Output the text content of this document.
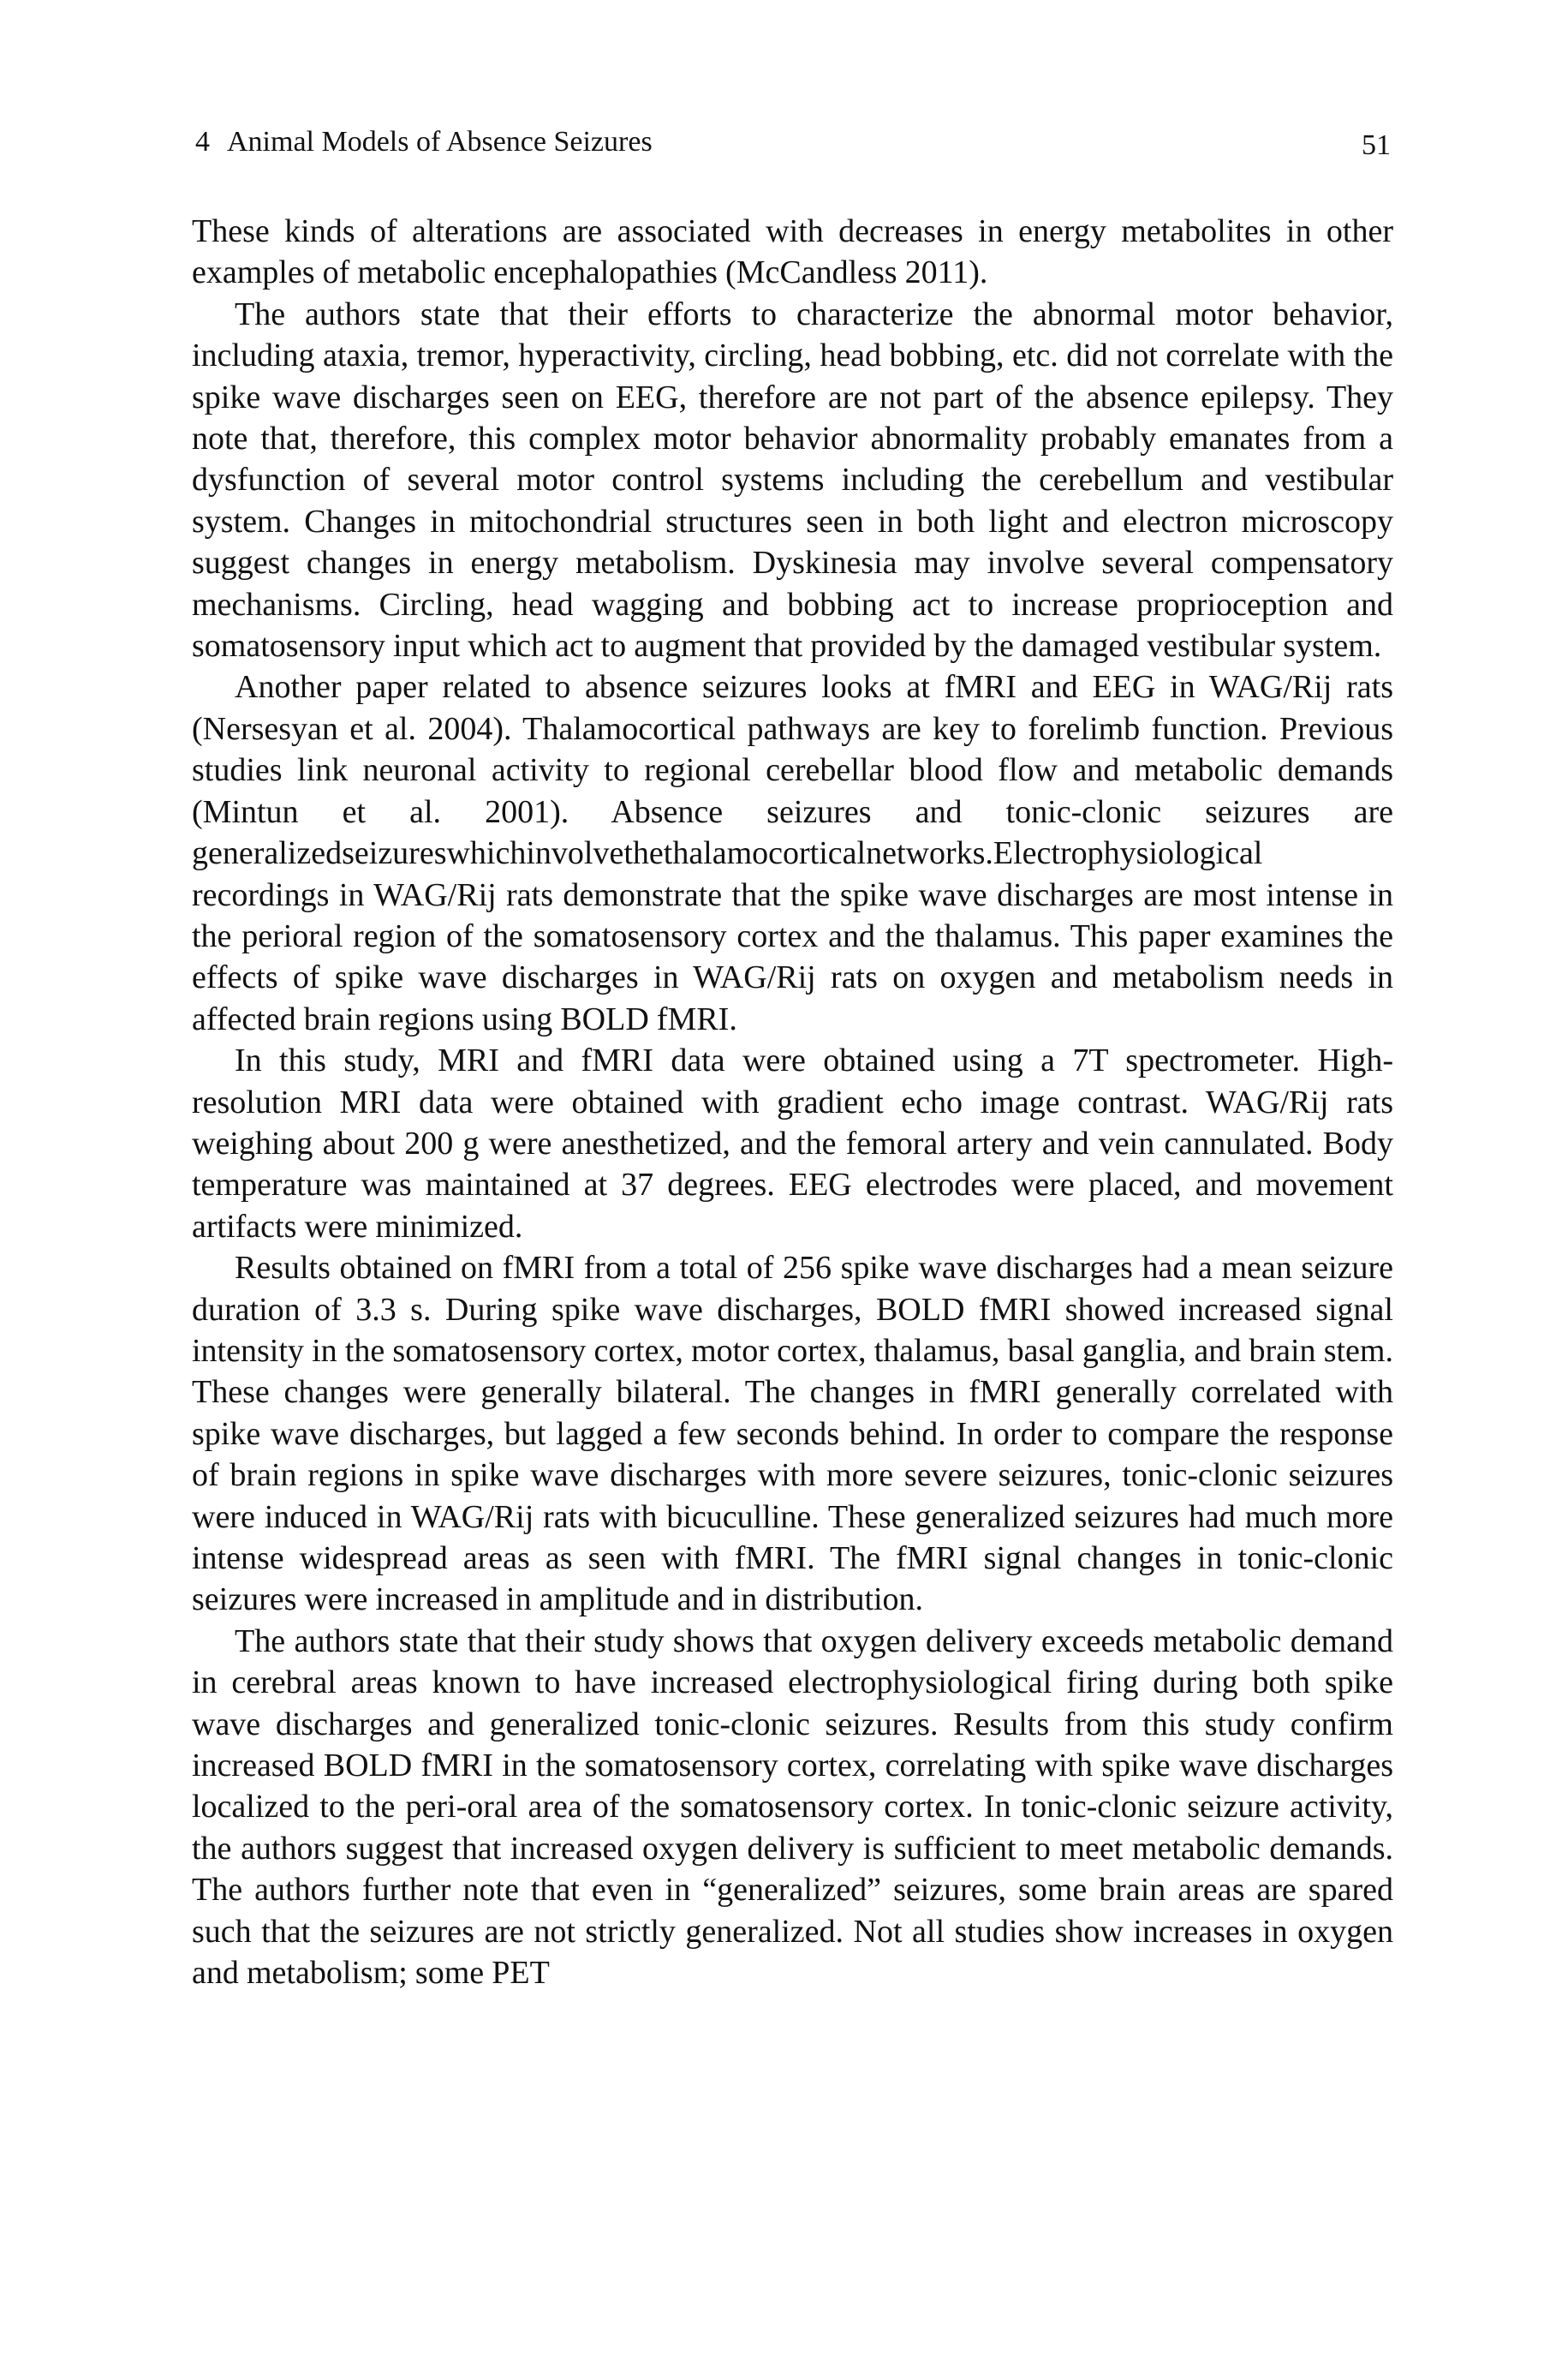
4 Animal Models of Absence Seizures	51

These kinds of alterations are associated with decreases in energy metabolites in other examples of metabolic encephalopathies (McCandless 2011).

The authors state that their efforts to characterize the abnormal motor behavior, including ataxia, tremor, hyperactivity, circling, head bobbing, etc. did not correlate with the spike wave discharges seen on EEG, therefore are not part of the absence epilepsy. They note that, therefore, this complex motor behavior abnormality probably emanates from a dysfunction of several motor control systems including the cerebellum and vestibular system. Changes in mitochondrial structures seen in both light and electron microscopy suggest changes in energy metabolism. Dyskinesia may involve several compensatory mechanisms. Circling, head wagging and bobbing act to increase proprioception and somatosensory input which act to augment that provided by the damaged vestibular system.

Another paper related to absence seizures looks at fMRI and EEG in WAG/Rij rats (Nersesyan et al. 2004). Thalamocortical pathways are key to forelimb function. Previous studies link neuronal activity to regional cerebellar blood flow and metabolic demands (Mintun et al. 2001). Absence seizures and tonic-clonic seizures are generalizedseizureswhichinvolvethethalamocorticalnetworks.Electrophysiological recordings in WAG/Rij rats demonstrate that the spike wave discharges are most intense in the perioral region of the somatosensory cortex and the thalamus. This paper examines the effects of spike wave discharges in WAG/Rij rats on oxygen and metabolism needs in affected brain regions using BOLD fMRI.

In this study, MRI and fMRI data were obtained using a 7T spectrometer. High-resolution MRI data were obtained with gradient echo image contrast. WAG/Rij rats weighing about 200 g were anesthetized, and the femoral artery and vein cannulated. Body temperature was maintained at 37 degrees. EEG electrodes were placed, and movement artifacts were minimized.

Results obtained on fMRI from a total of 256 spike wave discharges had a mean seizure duration of 3.3 s. During spike wave discharges, BOLD fMRI showed increased signal intensity in the somatosensory cortex, motor cortex, thalamus, basal ganglia, and brain stem. These changes were generally bilateral. The changes in fMRI generally correlated with spike wave discharges, but lagged a few seconds behind. In order to compare the response of brain regions in spike wave discharges with more severe seizures, tonic-clonic seizures were induced in WAG/Rij rats with bicuculline. These generalized seizures had much more intense widespread areas as seen with fMRI. The fMRI signal changes in tonic-clonic seizures were increased in amplitude and in distribution.

The authors state that their study shows that oxygen delivery exceeds metabolic demand in cerebral areas known to have increased electrophysiological firing during both spike wave discharges and generalized tonic-clonic seizures. Results from this study confirm increased BOLD fMRI in the somatosensory cortex, correlating with spike wave discharges localized to the peri-oral area of the somatosensory cortex. In tonic-clonic seizure activity, the authors suggest that increased oxygen delivery is sufficient to meet metabolic demands. The authors further note that even in “generalized” seizures, some brain areas are spared such that the seizures are not strictly generalized. Not all studies show increases in oxygen and metabolism; some PET
